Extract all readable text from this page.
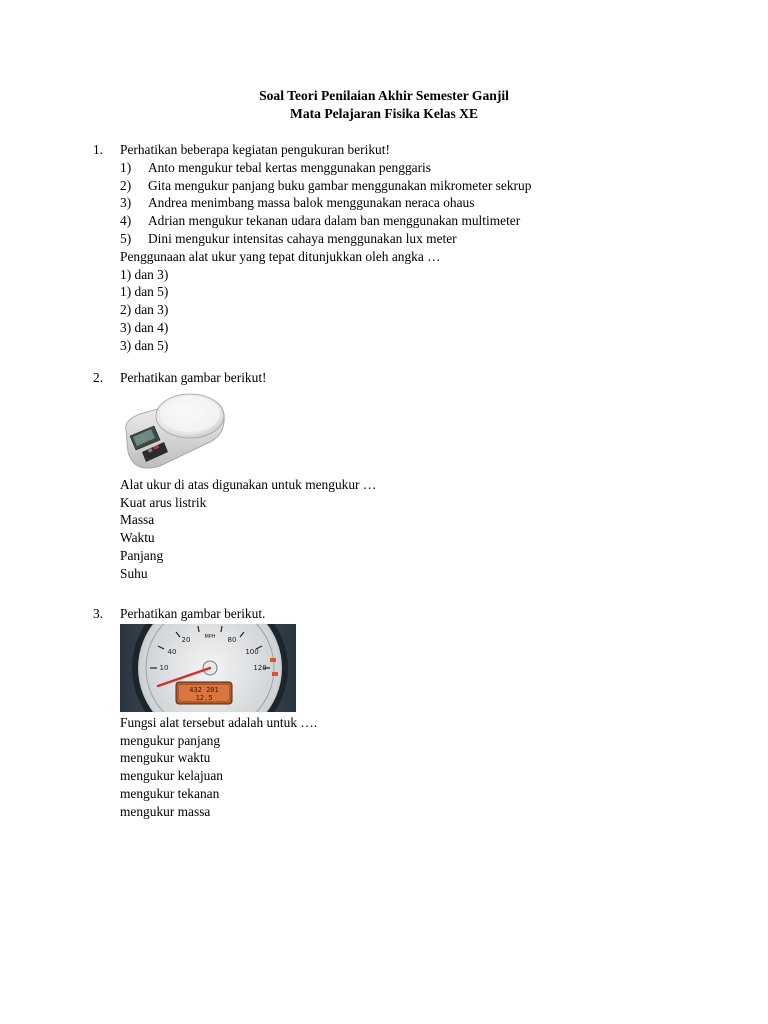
Soal Teori Penilaian Akhir Semester Ganjil
Mata Pelajaran Fisika Kelas XE
1.	Perhatikan beberapa kegiatan pengukuran berikut!
1) Anto mengukur tebal kertas menggunakan penggaris
2) Gita mengukur panjang buku gambar menggunakan mikrometer sekrup
3) Andrea menimbang massa balok menggunakan neraca ohaus
4) Adrian mengukur tekanan udara dalam ban menggunakan multimeter
5) Dini mengukur intensitas cahaya menggunakan lux meter
Penggunaan alat ukur yang tepat ditunjukkan oleh angka …
1) dan 3)
1) dan 5)
2) dan 3)
3) dan 4)
3) dan 5)
2.	Perhatikan gambar berikut!
Alat ukur di atas digunakan untuk mengukur …
Kuat arus listrik
Massa
Waktu
Panjang
Suhu
3.	Perhatikan gambar berikut.
40
20	80
100
120
10
MPH
432 201
12.5
Fungsi alat tersebut adalah untuk ….
mengukur panjang
mengukur waktu
mengukur kelajuan
mengukur tekanan
mengukur massa
